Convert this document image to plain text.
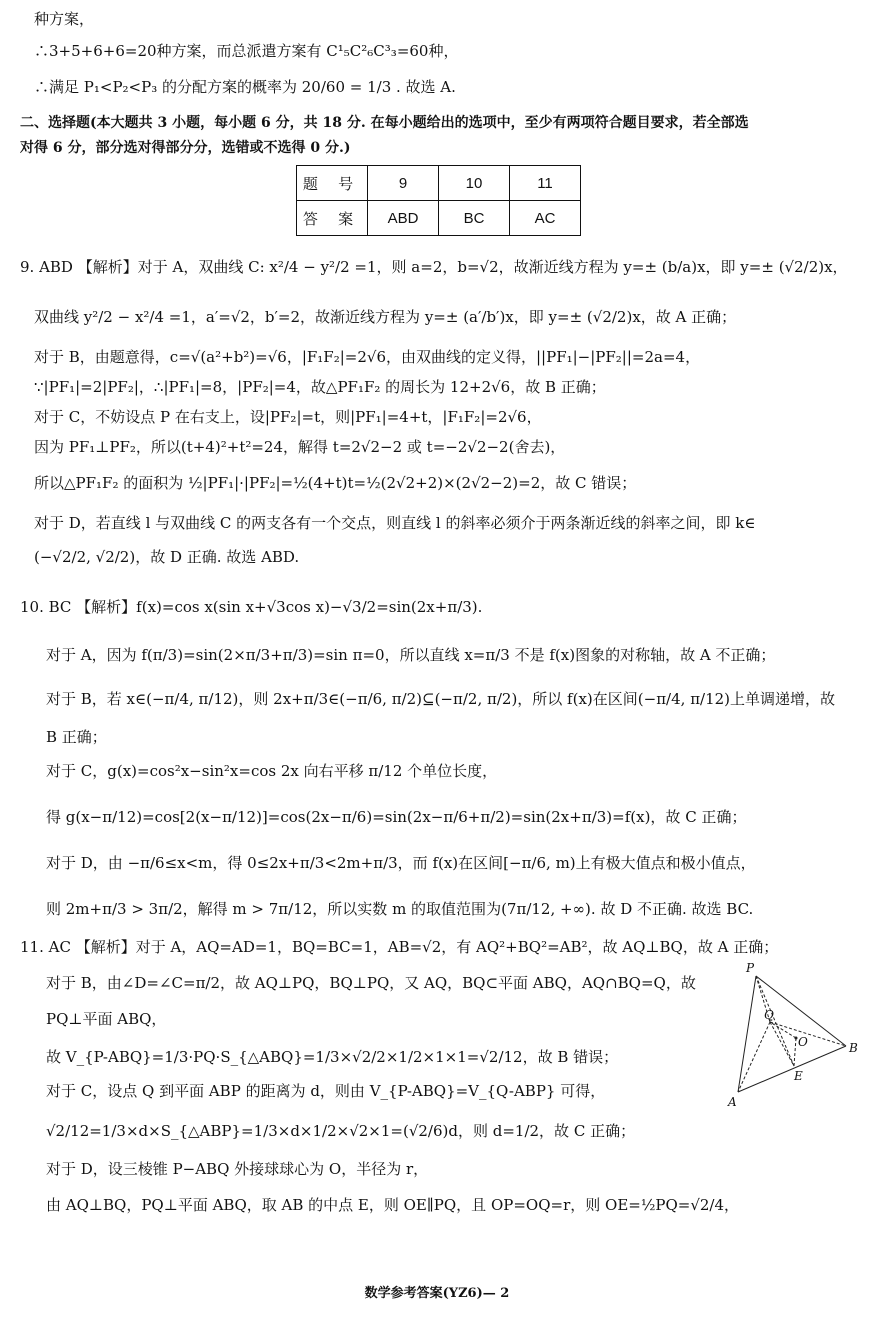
种方案，
∴3+5+6+6=20种方案，而总派遣方案有 C¹₅C²₆C³₃=60种，
∴满足 P₁<P₂<P₃ 的分配方案的概率为 20/60 = 1/3 . 故选 A.
二、选择题(本大题共 3 小题，每小题 6 分，共 18 分. 在每小题给出的选项中，至少有两项符合题目要求，若全部选
对得 6 分，部分选对得部分分，选错或不选得 0 分.)
题 号	9	10	11
答 案	ABD	BC	AC
9. ABD 【解析】对于 A，双曲线 C: x²/4 − y²/2 =1，则 a=2，b=√2，故渐近线方程为 y=± (b/a)x，即 y=± (√2/2)x，
双曲线 y²/2 − x²/4 =1，a′=√2，b′=2，故渐近线方程为 y=± (a′/b′)x，即 y=± (√2/2)x，故 A 正确；
对于 B，由题意得，c=√(a²+b²)=√6，|F₁F₂|=2√6，由双曲线的定义得，||PF₁|−|PF₂||=2a=4，
∵|PF₁|=2|PF₂|，∴|PF₁|=8，|PF₂|=4，故△PF₁F₂ 的周长为 12+2√6，故 B 正确；
对于 C，不妨设点 P 在右支上，设|PF₂|=t，则|PF₁|=4+t，|F₁F₂|=2√6，
因为 PF₁⊥PF₂，所以(t+4)²+t²=24，解得 t=2√2−2 或 t=−2√2−2(舍去)，
所以△PF₁F₂ 的面积为 ½|PF₁|·|PF₂|=½(4+t)t=½(2√2+2)×(2√2−2)=2，故 C 错误；
对于 D，若直线 l 与双曲线 C 的两支各有一个交点，则直线 l 的斜率必须介于两条渐近线的斜率之间，即 k∈
(−√2/2, √2/2)，故 D 正确. 故选 ABD.
10. BC 【解析】f(x)=cos x(sin x+√3cos x)−√3/2=sin(2x+π/3).
对于 A，因为 f(π/3)=sin(2×π/3+π/3)=sin π=0，所以直线 x=π/3 不是 f(x)图象的对称轴，故 A 不正确；
对于 B，若 x∈(−π/4, π/12)，则 2x+π/3∈(−π/6, π/2)⊆(−π/2, π/2)，所以 f(x)在区间(−π/4, π/12)上单调递增，故
B 正确；
对于 C，g(x)=cos²x−sin²x=cos 2x 向右平移 π/12 个单位长度，
得 g(x−π/12)=cos[2(x−π/12)]=cos(2x−π/6)=sin(2x−π/6+π/2)=sin(2x+π/3)=f(x)，故 C 正确；
对于 D，由 −π/6≤x<m，得 0≤2x+π/3<2m+π/3，而 f(x)在区间[−π/6, m)上有极大值点和极小值点，
则 2m+π/3 > 3π/2，解得 m > 7π/12，所以实数 m 的取值范围为(7π/12, +∞). 故 D 不正确. 故选 BC.
11. AC 【解析】对于 A，AQ=AD=1，BQ=BC=1，AB=√2，有 AQ²+BQ²=AB²，故 AQ⊥BQ，故 A 正确；
对于 B，由∠D=∠C=π/2，故 AQ⊥PQ，BQ⊥PQ，又 AQ，BQ⊂平面 ABQ，AQ∩BQ=Q，故
PQ⊥平面 ABQ，
故 V_{P-ABQ}=1/3·PQ·S_{△ABQ}=1/3×√2/2×1/2×1×1=√2/12，故 B 错误；
对于 C，设点 Q 到平面 ABP 的距离为 d，则由 V_{P-ABQ}=V_{Q-ABP} 可得，
√2/12=1/3×d×S_{△ABP}=1/3×d×1/2×√2×1=(√2/6)d，则 d=1/2，故 C 正确；
对于 D，设三棱锥 P−ABQ 外接球球心为 O，半径为 r，
由 AQ⊥BQ，PQ⊥平面 ABQ，取 AB 的中点 E，则 OE∥PQ，且 OP=OQ=r，则 OE=½PQ=√2/4，
P
Q
O	B
E
A
数学参考答案(YZ6)— 2
